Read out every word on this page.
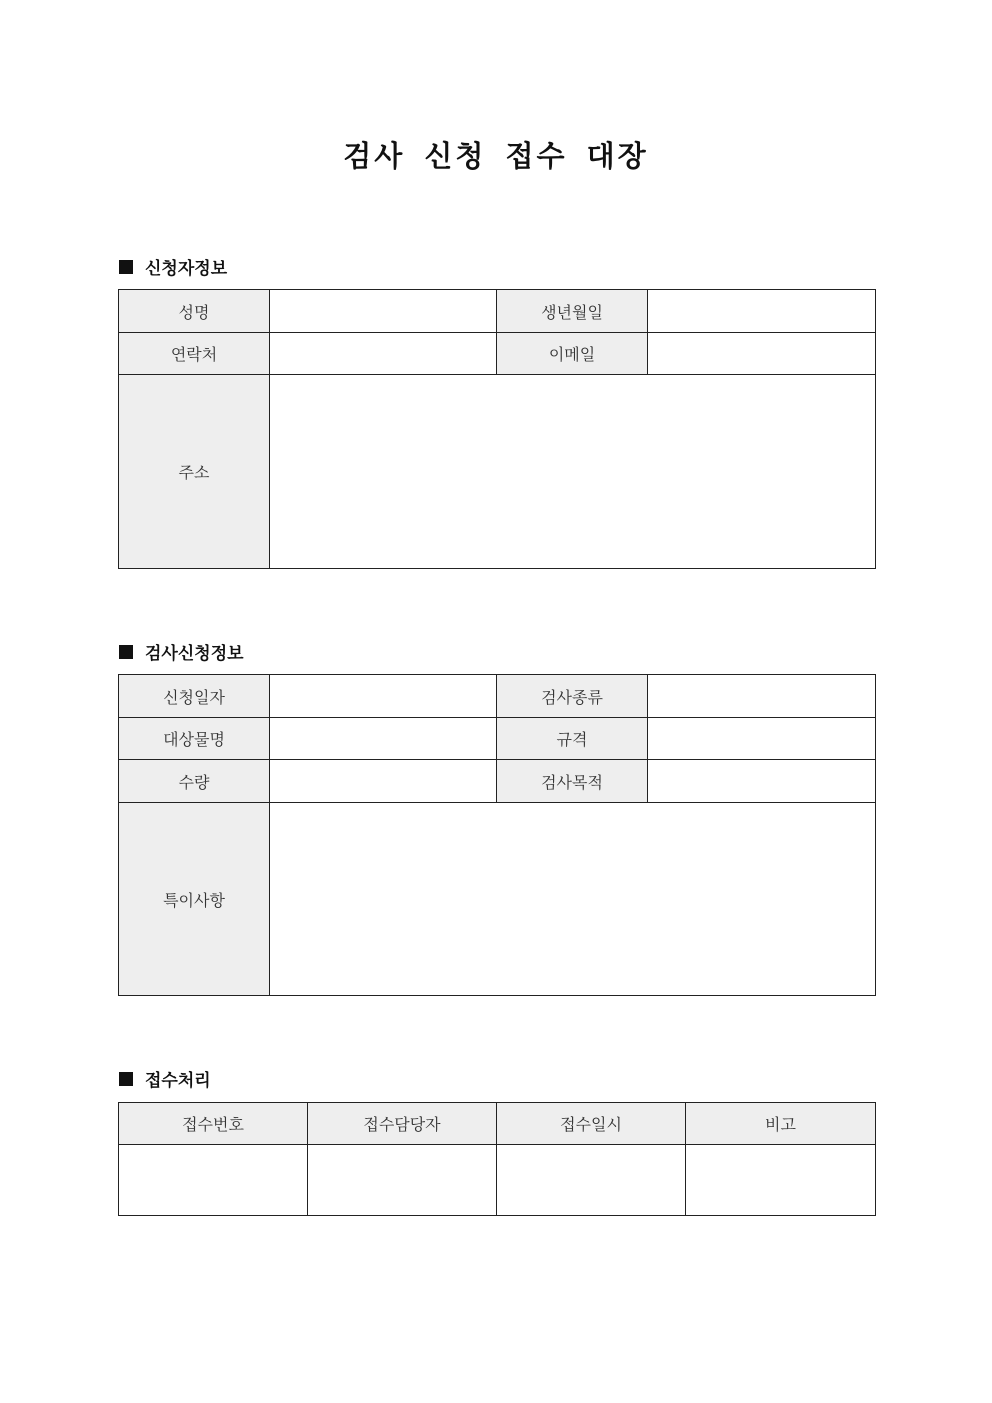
검사 신청 접수 대장
신청자정보
성명		생년월일	
연락처		이메일	
주소			
검사신청정보
신청일자		검사종류	
대상물명		규격	
수량		검사목적	
특이사항			
접수처리
접수번호	접수담당자	접수일시	비고
